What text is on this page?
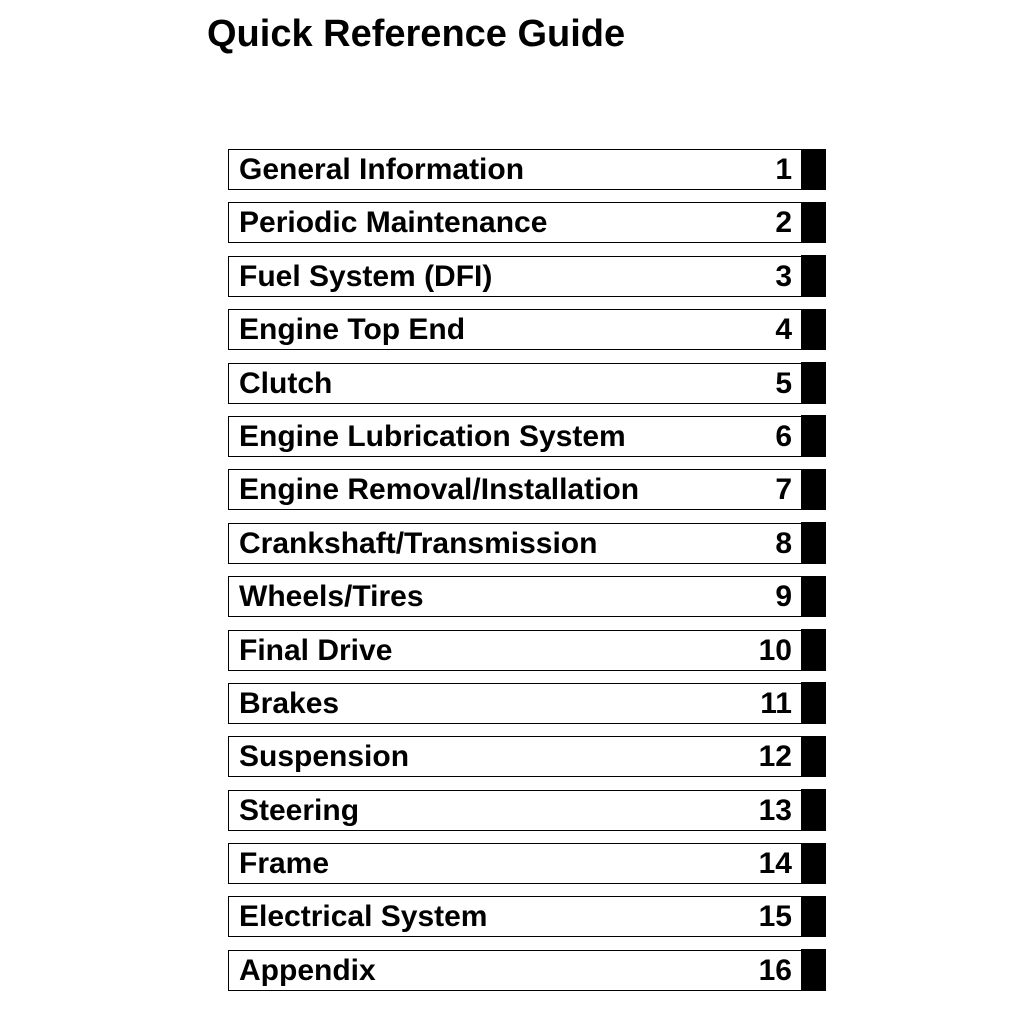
Quick Reference Guide
General Information	1
Periodic Maintenance	2
Fuel System (DFI)	3
Engine Top End	4
Clutch	5
Engine Lubrication System	6
Engine Removal/Installation	7
Crankshaft/Transmission	8
Wheels/Tires	9
Final Drive	10
Brakes	11
Suspension	12
Steering	13
Frame	14
Electrical System	15
Appendix	16
